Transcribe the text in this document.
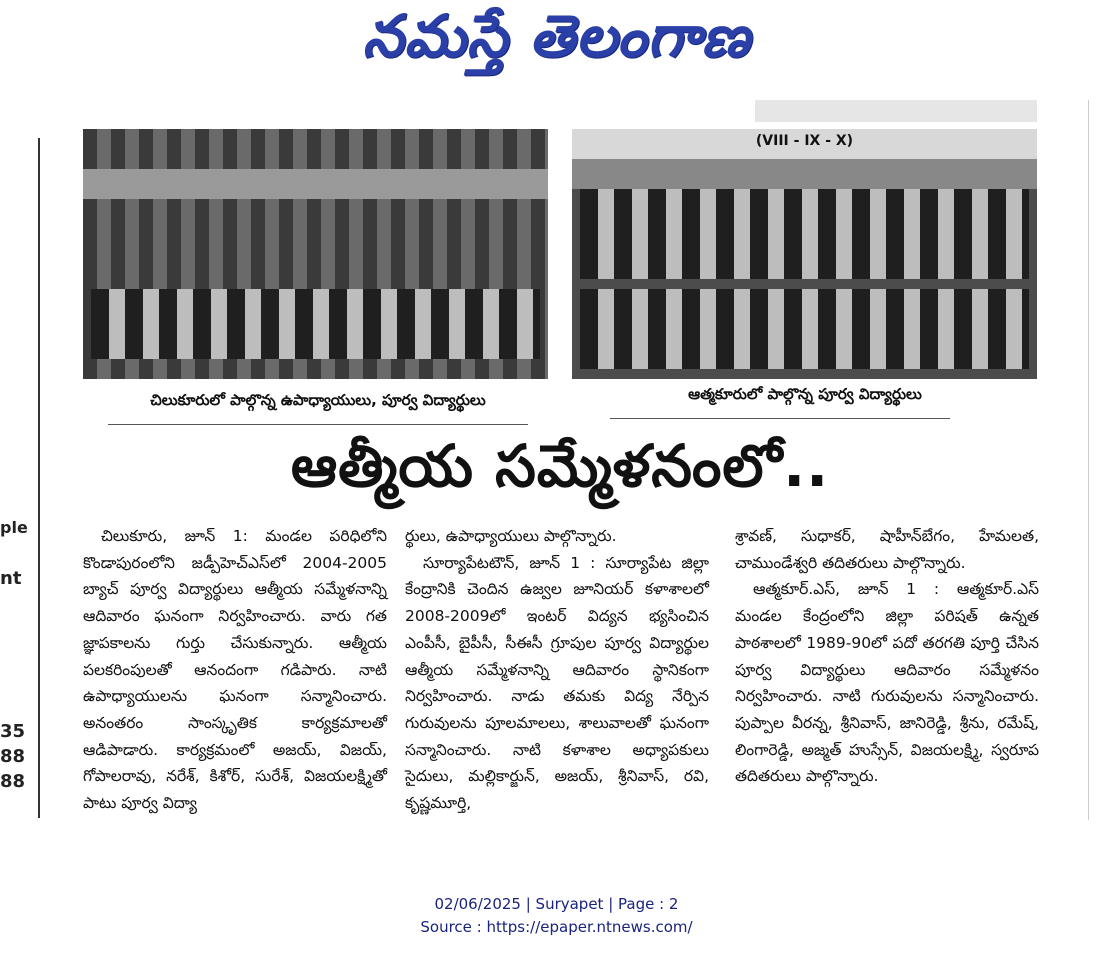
నమస్తే తెలంగాణ
ple
nt
35
88
88
(VIII - IX - X)
చిలుకూరులో పాల్గొన్న ఉపాధ్యాయులు, పూర్వ విద్యార్థులు	ఆత్మకూరులో పాల్గొన్న పూర్వ విద్యార్థులు
ఆత్మీయ సమ్మేళనంలో..

చిలుకూరు, జూన్ 1: మండల పరిధిలోని కొండాపురంలోని జడ్పీహెచ్ఎస్‌లో 2004-2005 బ్యాచ్ పూర్వ విద్యార్థులు ఆత్మీయ సమ్మేళనాన్ని ఆదివారం ఘనంగా నిర్వహించారు. వారు గత జ్ఞాపకాలను గుర్తు చేసుకున్నారు. ఆత్మీయ పలకరింపులతో ఆనందంగా గడిపారు. నాటి ఉపాధ్యాయులను ఘనంగా సన్మానించారు. అనంతరం సాంస్కృతిక కార్యక్రమాలతో ఆడిపాడారు. కార్యక్రమంలో అజయ్, విజయ్, గోపాలరావు, నరేశ్, కిశోర్, సురేశ్, విజయలక్ష్మితో పాటు పూర్వ విద్యా

ర్థులు, ఉపాధ్యాయులు పాల్గొన్నారు.

సూర్యాపేటటౌన్, జూన్ 1 : సూర్యాపేట జిల్లా కేంద్రానికి చెందిన ఉజ్వల జూనియర్ కళాశాలలో 2008-2009లో ఇంటర్ విద్యన భ్యసించిన ఎంపీసీ, బైపీసీ, సీఈసీ గ్రూపుల పూర్వ విద్యార్థుల ఆత్మీయ సమ్మేళనాన్ని ఆదివారం స్థానికంగా నిర్వహించారు. నాడు తమకు విద్య నేర్పిన గురువులను పూలమాలలు, శాలువాలతో ఘనంగా సన్మానించారు. నాటి కళాశాల అధ్యాపకులు సైదులు, మల్లికార్జున్, అజయ్, శ్రీనివాస్, రవి, కృష్ణమూర్తి,

శ్రావణ్, సుధాకర్, షాహీన్‌బేగం, హేమలత, చాముండేశ్వరి తదితరులు పాల్గొన్నారు.

ఆత్మకూర్.ఎస్, జూన్ 1 : ఆత్మకూర్.ఎస్ మండల కేంద్రంలోని జిల్లా పరిషత్ ఉన్నత పాఠశాలలో 1989-90లో పదో తరగతి పూర్తి చేసిన పూర్వ విద్యార్థులు ఆదివారం సమ్మేళనం నిర్వహించారు. నాటి గురువులను సన్మానించారు. పుప్పాల వీరన్న, శ్రీనివాస్, జానిరెడ్డి, శ్రీను, రమేష్, లింగారెడ్డి, అజ్మత్ హుస్సేన్, విజయలక్ష్మి, స్వరూప తదితరులు పాల్గొన్నారు.

02/06/2025 | Suryapet | Page : 2
Source : https://epaper.ntnews.com/
